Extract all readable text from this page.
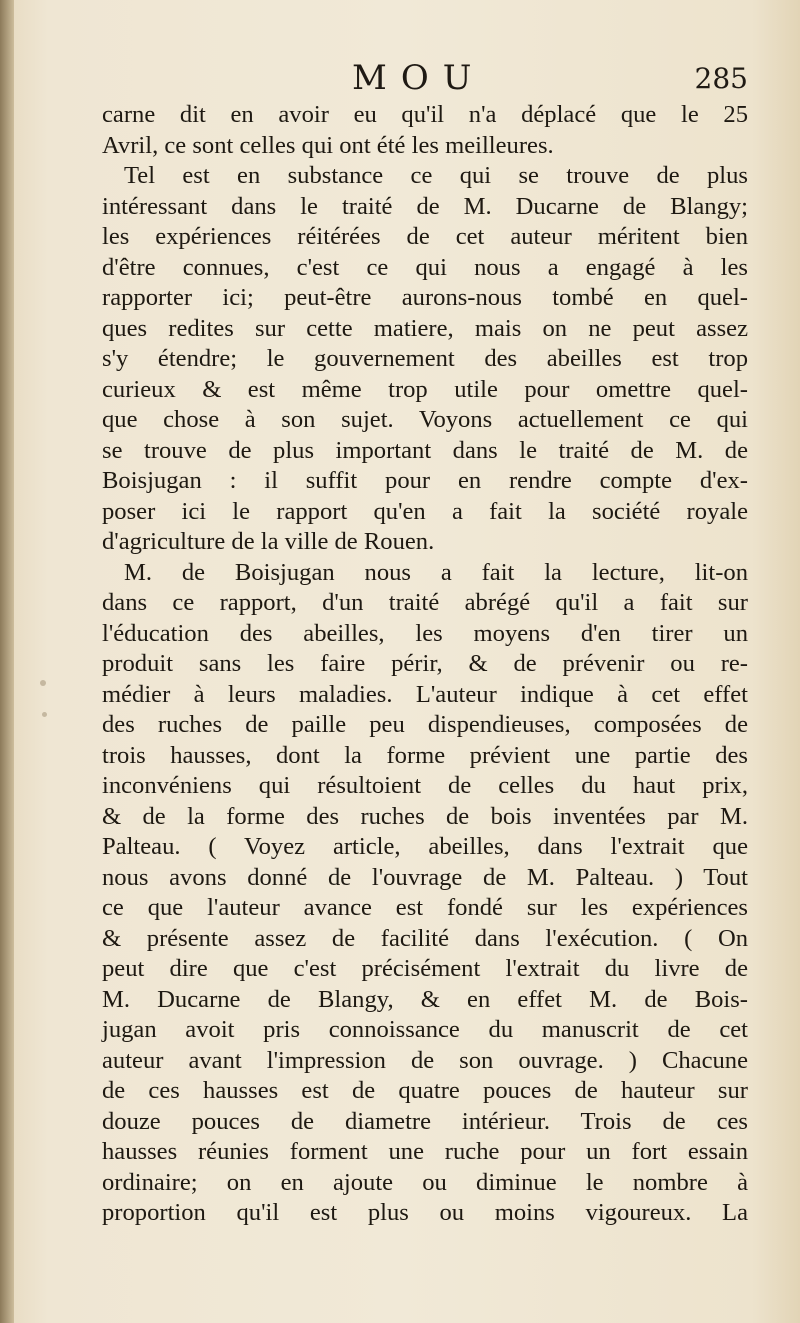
MOU	285
carne dit en avoir eu qu'il n'a déplacé que le 25
Avril, ce sont celles qui ont été les meilleures.
Tel est en substance ce qui se trouve de plus
intéressant dans le traité de M. Ducarne de Blangy;
les expériences réitérées de cet auteur méritent bien
d'être connues, c'est ce qui nous a engagé à les
rapporter ici; peut-être aurons-nous tombé en quel-
ques redites sur cette matiere, mais on ne peut assez
s'y étendre; le gouvernement des abeilles est trop
curieux & est même trop utile pour omettre quel-
que chose à son sujet. Voyons actuellement ce qui
se trouve de plus important dans le traité de M. de
Boisjugan : il suffit pour en rendre compte d'ex-
poser ici le rapport qu'en a fait la société royale
d'agriculture de la ville de Rouen.
M. de Boisjugan nous a fait la lecture, lit-on
dans ce rapport, d'un traité abrégé qu'il a fait sur
l'éducation des abeilles, les moyens d'en tirer un
produit sans les faire périr, & de prévenir ou re-
médier à leurs maladies. L'auteur indique à cet effet
des ruches de paille peu dispendieuses, composées de
trois hausses, dont la forme prévient une partie des
inconvéniens qui résultoient de celles du haut prix,
& de la forme des ruches de bois inventées par M.
Palteau. ( Voyez article, abeilles, dans l'extrait que
nous avons donné de l'ouvrage de M. Palteau. ) Tout
ce que l'auteur avance est fondé sur les expériences
& présente assez de facilité dans l'exécution. ( On
peut dire que c'est précisément l'extrait du livre de
M. Ducarne de Blangy, & en effet M. de Bois-
jugan avoit pris connoissance du manuscrit de cet
auteur avant l'impression de son ouvrage. ) Chacune
de ces hausses est de quatre pouces de hauteur sur
douze pouces de diametre intérieur. Trois de ces
hausses réunies forment une ruche pour un fort essain
ordinaire; on en ajoute ou diminue le nombre à
proportion qu'il est plus ou moins vigoureux. La
